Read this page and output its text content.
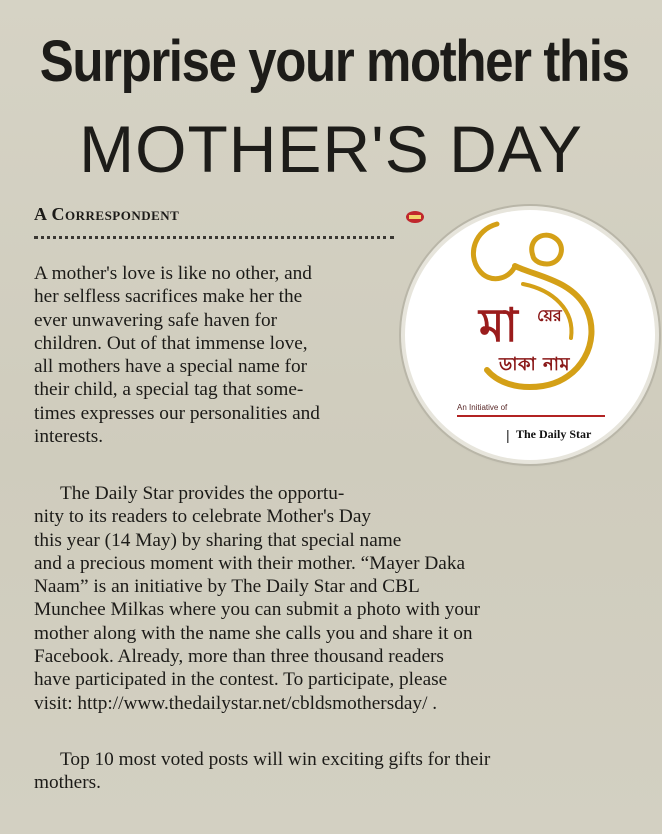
Surprise your mother this
MOTHER'S DAY
A Correspondent

A mother's love is like no other, and
her selfless sacrifices make her the
ever unwavering safe haven for
children. Out of that immense love,
all mothers have a special name for
their child, a special tag that some-
times expresses our personalities and
interests.

The Daily Star provides the opportu-
nity to its readers to celebrate Mother's Day
this year (14 May) by sharing that special name
and a precious moment with their mother. “Mayer Daka
Naam” is an initiative by The Daily Star and CBL
Munchee Milkas where you can submit a photo with your
mother along with the name she calls you and share it on
Facebook. Already, more than three thousand readers
have participated in the contest. To participate, please
visit: http://www.thedailystar.net/cbldsmothersday/ .

Top 10 most voted posts will win exciting gifts for their
mothers.

মা য়ের
ডাকা নাম
An Initiative of
| The Daily Star
